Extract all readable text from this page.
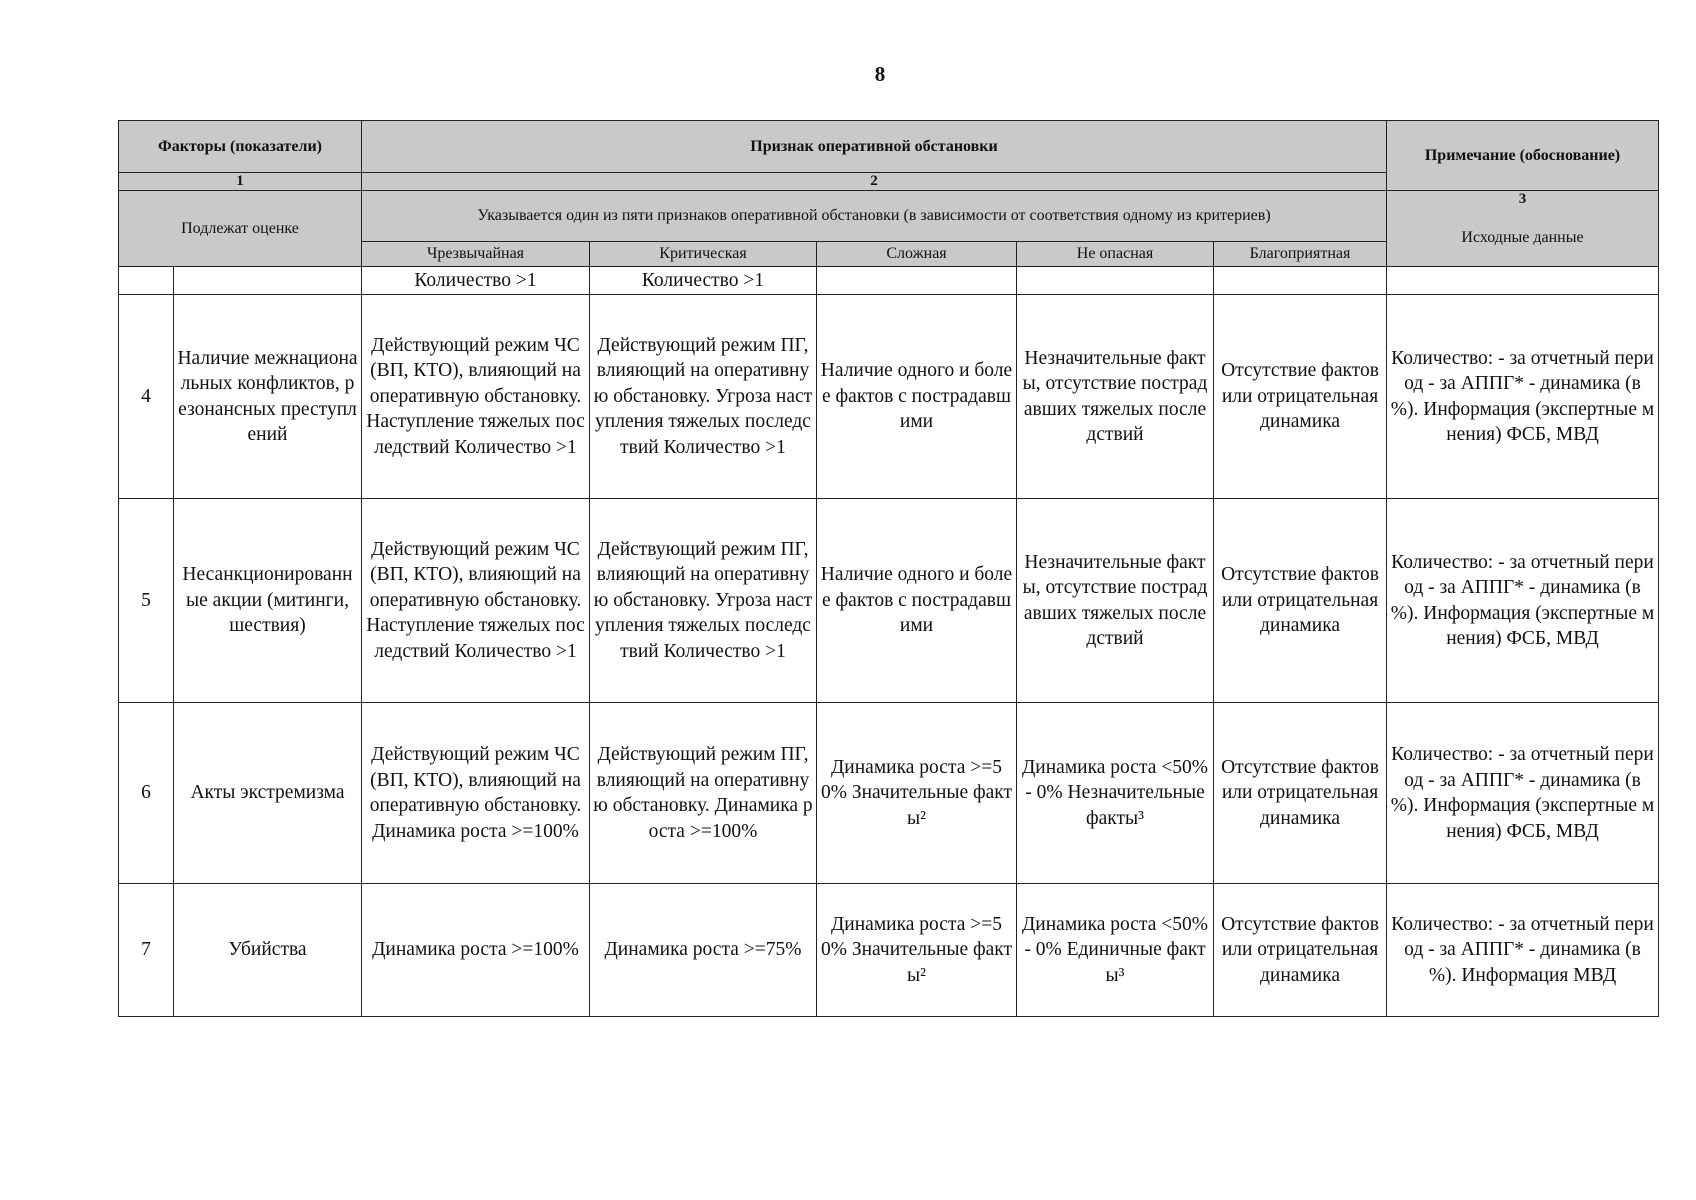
8
Факторы (показатели)		Признак оперативной обстановки					Примечание (обоснование)
1		2					
Подлежат оценке		Указывается один из пяти признаков оперативной обстановки (в зависимости от соответствия одному из критериев)					3
Исходные данные

		Чрезвычайная	Критическая	Сложная	Не опасная	Благоприятная	
		Количество >1	Количество >1				
4	Наличие межнациональных конфликтов, резонансных преступлений	Действующий режим ЧС (ВП, КТО), влияющий на оперативную обстановку. Наступление тяжелых последствий Количество >1	Действующий режим ПГ, влияющий на оперативную обстановку. Угроза наступления тяжелых последствий Количество >1	Наличие одного и более фактов с пострадавшими	Незначительные факты, отсутствие пострадавших тяжелых последствий	Отсутствие фактов или отрицательная динамика	Количество: - за отчетный период - за АППГ* - динамика (в %). Информация (экспертные мнения) ФСБ, МВД
5	Несанкционированные акции (митинги, шествия)	Действующий режим ЧС (ВП, КТО), влияющий на оперативную обстановку. Наступление тяжелых последствий Количество >1	Действующий режим ПГ, влияющий на оперативную обстановку. Угроза наступления тяжелых последствий Количество >1	Наличие одного и более фактов с пострадавшими	Незначительные факты, отсутствие пострадавших тяжелых последствий	Отсутствие фактов или отрицательная динамика	Количество: - за отчетный период - за АППГ* - динамика (в %). Информация (экспертные мнения) ФСБ, МВД
6	Акты экстремизма	Действующий режим ЧС (ВП, КТО), влияющий на оперативную обстановку. Динамика роста >=100%	Действующий режим ПГ, влияющий на оперативную обстановку. Динамика роста >=100%	Динамика роста >=50% Значительные факты²	Динамика роста <50% - 0% Незначительные факты³	Отсутствие фактов или отрицательная динамика	Количество: - за отчетный период - за АППГ* - динамика (в %). Информация (экспертные мнения) ФСБ, МВД
7	Убийства	Динамика роста >=100%	Динамика роста >=75%	Динамика роста >=50% Значительные факты²	Динамика роста <50% - 0% Единичные факты³	Отсутствие фактов или отрицательная динамика	Количество: - за отчетный период - за АППГ* - динамика (в %). Информация МВД
